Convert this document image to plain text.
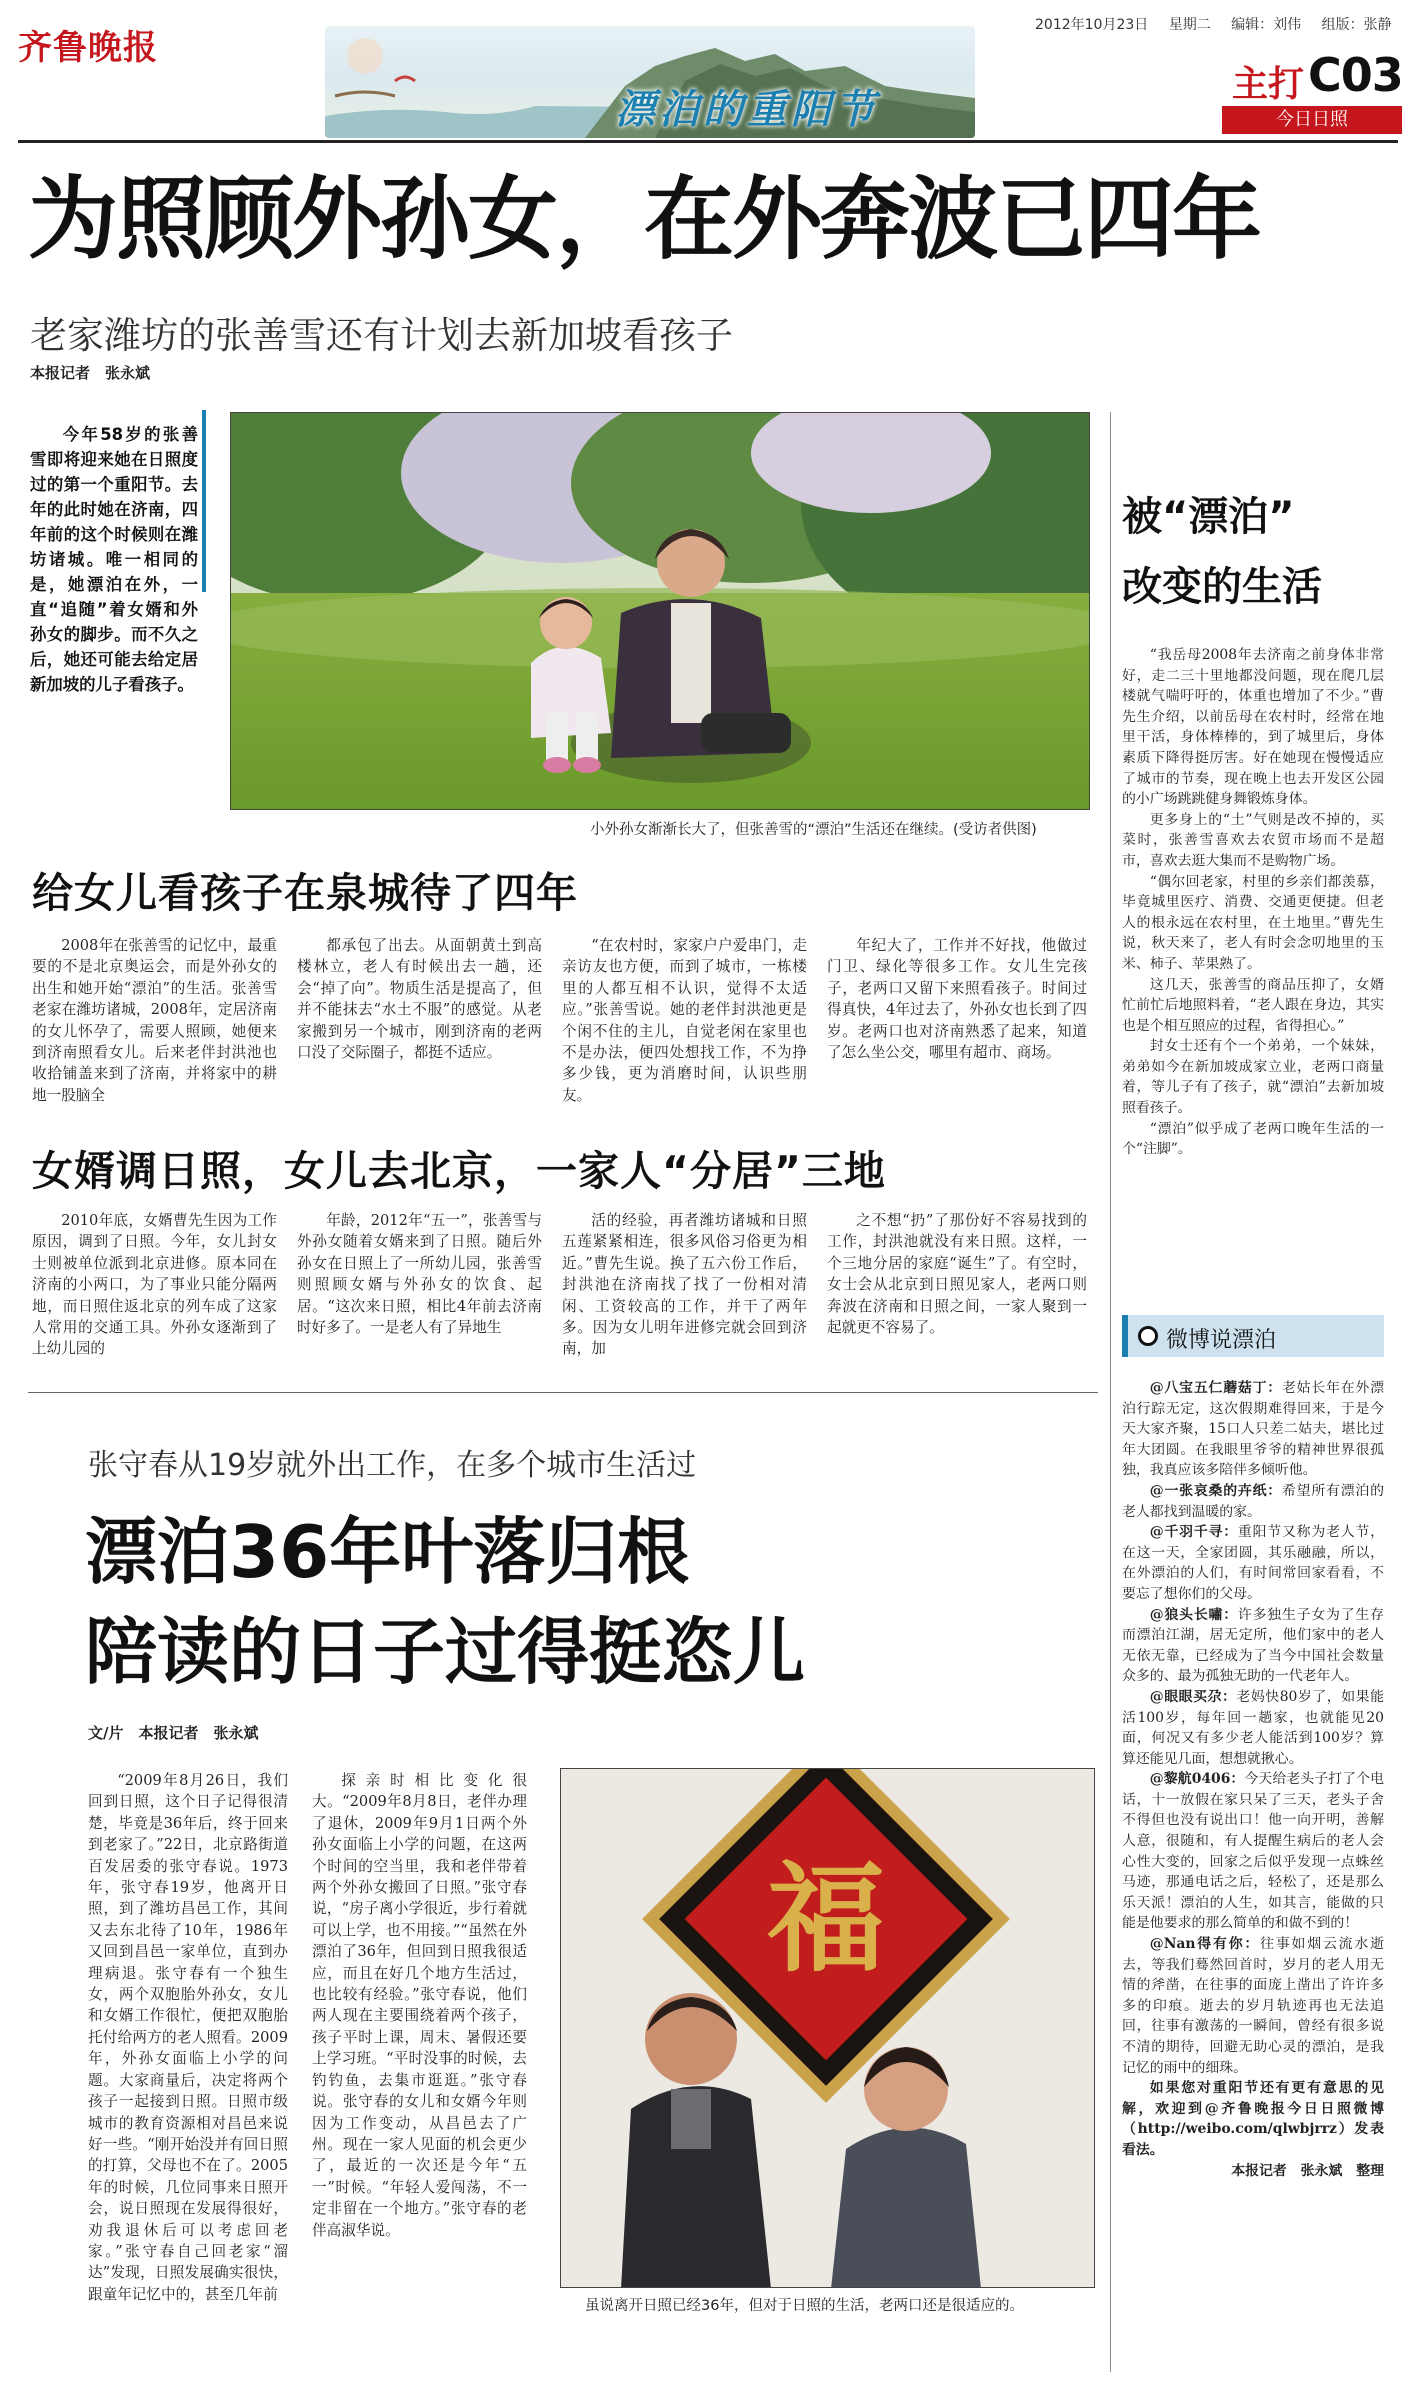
齐鲁晚报
漂泊的重阳节
2012年10月23日 星期二 编辑：刘伟 组版：张静
主打 C03
今日日照
为照顾外孙女，在外奔波已四年
老家潍坊的张善雪还有计划去新加坡看孩子
本报记者　张永斌
今年58岁的张善雪即将迎来她在日照度过的第一个重阳节。去年的此时她在济南，四年前的这个时候则在潍坊诸城。唯一相同的是，她漂泊在外，一直“追随”着女婿和外孙女的脚步。而不久之后，她还可能去给定居新加坡的儿子看孩子。
小外孙女渐渐长大了，但张善雪的“漂泊”生活还在继续。(受访者供图)
给女儿看孩子在泉城待了四年
2008年在张善雪的记忆中，最重要的不是北京奥运会，而是外孙女的出生和她开始“漂泊”的生活。张善雪老家在潍坊诸城，2008年，定居济南的女儿怀孕了，需要人照顾，她便来到济南照看女儿。后来老伴封洪池也收拾铺盖来到了济南，并将家中的耕地一股脑全
都承包了出去。从面朝黄土到高楼林立，老人有时候出去一趟，还会“掉了向”。物质生活是提高了，但并不能抹去“水土不服”的感觉。从老家搬到另一个城市，刚到济南的老两口没了交际圈子，都挺不适应。
“在农村时，家家户户爱串门，走亲访友也方便，而到了城市，一栋楼里的人都互相不认识，觉得不太适应。”张善雪说。她的老伴封洪池更是个闲不住的主儿，自觉老闲在家里也不是办法，便四处想找工作，不为挣多少钱，更为消磨时间，认识些朋友。
年纪大了，工作并不好找，他做过门卫、绿化等很多工作。女儿生完孩子，老两口又留下来照看孩子。时间过得真快，4年过去了，外孙女也长到了四岁。老两口也对济南熟悉了起来，知道了怎么坐公交，哪里有超市、商场。
女婿调日照，女儿去北京，一家人“分居”三地
2010年底，女婿曹先生因为工作原因，调到了日照。今年，女儿封女士则被单位派到北京进修。原本同在济南的小两口，为了事业只能分隔两地，而日照住返北京的列车成了这家人常用的交通工具。外孙女逐渐到了上幼儿园的
年龄，2012年“五一”，张善雪与外孙女随着女婿来到了日照。随后外孙女在日照上了一所幼儿园，张善雪则照顾女婿与外孙女的饮食、起居。“这次来日照，相比4年前去济南时好多了。一是老人有了异地生
活的经验，再者潍坊诸城和日照五莲紧紧相连，很多风俗习俗更为相近。”曹先生说。换了五六份工作后，封洪池在济南找了找了一份相对清闲、工资较高的工作，并干了两年多。因为女儿明年进修完就会回到济南，加
之不想“扔”了那份好不容易找到的工作，封洪池就没有来日照。这样，一个三地分居的家庭“诞生”了。有空时，女士会从北京到日照见家人，老两口则奔波在济南和日照之间，一家人聚到一起就更不容易了。
被“漂泊”
改变的生活

“我岳母2008年去济南之前身体非常好，走二三十里地都没问题，现在爬几层楼就气喘吁吁的，体重也增加了不少。”曹先生介绍，以前岳母在农村时，经常在地里干活，身体棒棒的，到了城里后，身体素质下降得挺厉害。好在她现在慢慢适应了城市的节奏，现在晚上也去开发区公园的小广场跳跳健身舞锻炼身体。

更多身上的“土”气则是改不掉的，买菜时，张善雪喜欢去农贸市场而不是超市，喜欢去逛大集而不是购物广场。

“偶尔回老家，村里的乡亲们都羡慕，毕竟城里医疗、消费、交通更便捷。但老人的根永远在农村里，在土地里。”曹先生说，秋天来了，老人有时会念叨地里的玉米、柿子、苹果熟了。

这几天，张善雪的商品压抑了，女婿忙前忙后地照料着，“老人跟在身边，其实也是个相互照应的过程，省得担心。”

封女士还有个一个弟弟，一个妹妹，弟弟如今在新加坡成家立业，老两口商量着，等儿子有了孩子，就“漂泊”去新加坡照看孩子。

“漂泊”似乎成了老两口晚年生活的一个“注脚”。

微博说漂泊

@八宝五仁蘑菇丁：老姑长年在外漂泊行踪无定，这次假期难得回来，于是今天大家齐聚，15口人只差二姑夫，堪比过年大团圆。在我眼里爷爷的精神世界很孤独，我真应该多陪伴多倾听他。

@一张哀桑的卉纸：希望所有漂泊的老人都找到温暖的家。

@千羽千寻：重阳节又称为老人节，在这一天，全家团圆，其乐融融，所以，在外漂泊的人们，有时间常回家看看，不要忘了想你们的父母。

@狼头长嘯：许多独生子女为了生存而漂泊江湖，居无定所，他们家中的老人无依无靠，已经成为了当今中国社会数量众多的、最为孤独无助的一代老年人。

@眼眼买尕：老妈快80岁了，如果能活100岁，每年回一趟家，也就能见20面，何况又有多少老人能活到100岁？算算还能见几面，想想就揪心。

@黎航0406：今天给老头子打了个电话，十一放假在家只呆了三天，老头子舍不得但也没有说出口！他一向开明，善解人意，很随和，有人提醒生病后的老人会心性大变的，回家之后似乎发现一点蛛丝马迹，那通电话之后，轻松了，还是那么乐天派！漂泊的人生，如其言，能做的只能是他要求的那么简单的和做不到的！

@Nan得有你：往事如烟云流水逝去，等我们蓦然回首时，岁月的老人用无情的斧凿，在往事的面庞上凿出了许许多多的印痕。逝去的岁月轨迹再也无法追回，往事有激荡的一瞬间，曾经有很多说不清的期待，回避无助心灵的漂泊，是我记忆的雨中的细珠。

如果您对重阳节还有更有意思的见解，欢迎到@齐鲁晚报今日日照微博（http://weibo.com/qlwbjrrz）发表看法。

本报记者　张永斌　整理

张守春从19岁就外出工作，在多个城市生活过
漂泊36年叶落归根
陪读的日子过得挺恣儿
文/片　本报记者　张永斌
“2009年8月26日，我们回到日照，这个日子记得很清楚，毕竟是36年后，终于回来到老家了。”22日，北京路街道百发居委的张守春说。1973年，张守春19岁，他离开日照，到了潍坊昌邑工作，其间又去东北待了10年，1986年又回到昌邑一家单位，直到办理病退。张守春有一个独生女，两个双胞胎外孙女，女儿和女婿工作很忙，便把双胞胎托付给两方的老人照看。2009年，外孙女面临上小学的问题。大家商量后，决定将两个孩子一起接到日照。日照市级城市的教育资源相对昌邑来说好一些。“刚开始没并有回日照的打算，父母也不在了。2005年的时候，几位同事来日照开会，说日照现在发展得很好，劝我退休后可以考虑回老家。”张守春自己回老家“溜达”发现，日照发展确实很快，跟童年记忆中的，甚至几年前
探亲时相比变化很大。“2009年8月8日，老伴办理了退休，2009年9月1日两个外孙女面临上小学的问题，在这两个时间的空当里，我和老伴带着两个外孙女搬回了日照。”张守春说，“房子离小学很近，步行着就可以上学，也不用接。”“虽然在外漂泊了36年，但回到日照我很适应，而且在好几个地方生活过，也比较有经验。”张守春说，他们两人现在主要围绕着两个孩子，孩子平时上课，周末、暑假还要上学习班。“平时没事的时候，去钓钓鱼，去集市逛逛。”张守春说。张守春的女儿和女婿今年则因为工作变动，从昌邑去了广州。现在一家人见面的机会更少了，最近的一次还是今年“五一”时候。“年轻人爱闯荡，不一定非留在一个地方。”张守春的老伴高淑华说。
福
虽说离开日照已经36年，但对于日照的生活，老两口还是很适应的。
